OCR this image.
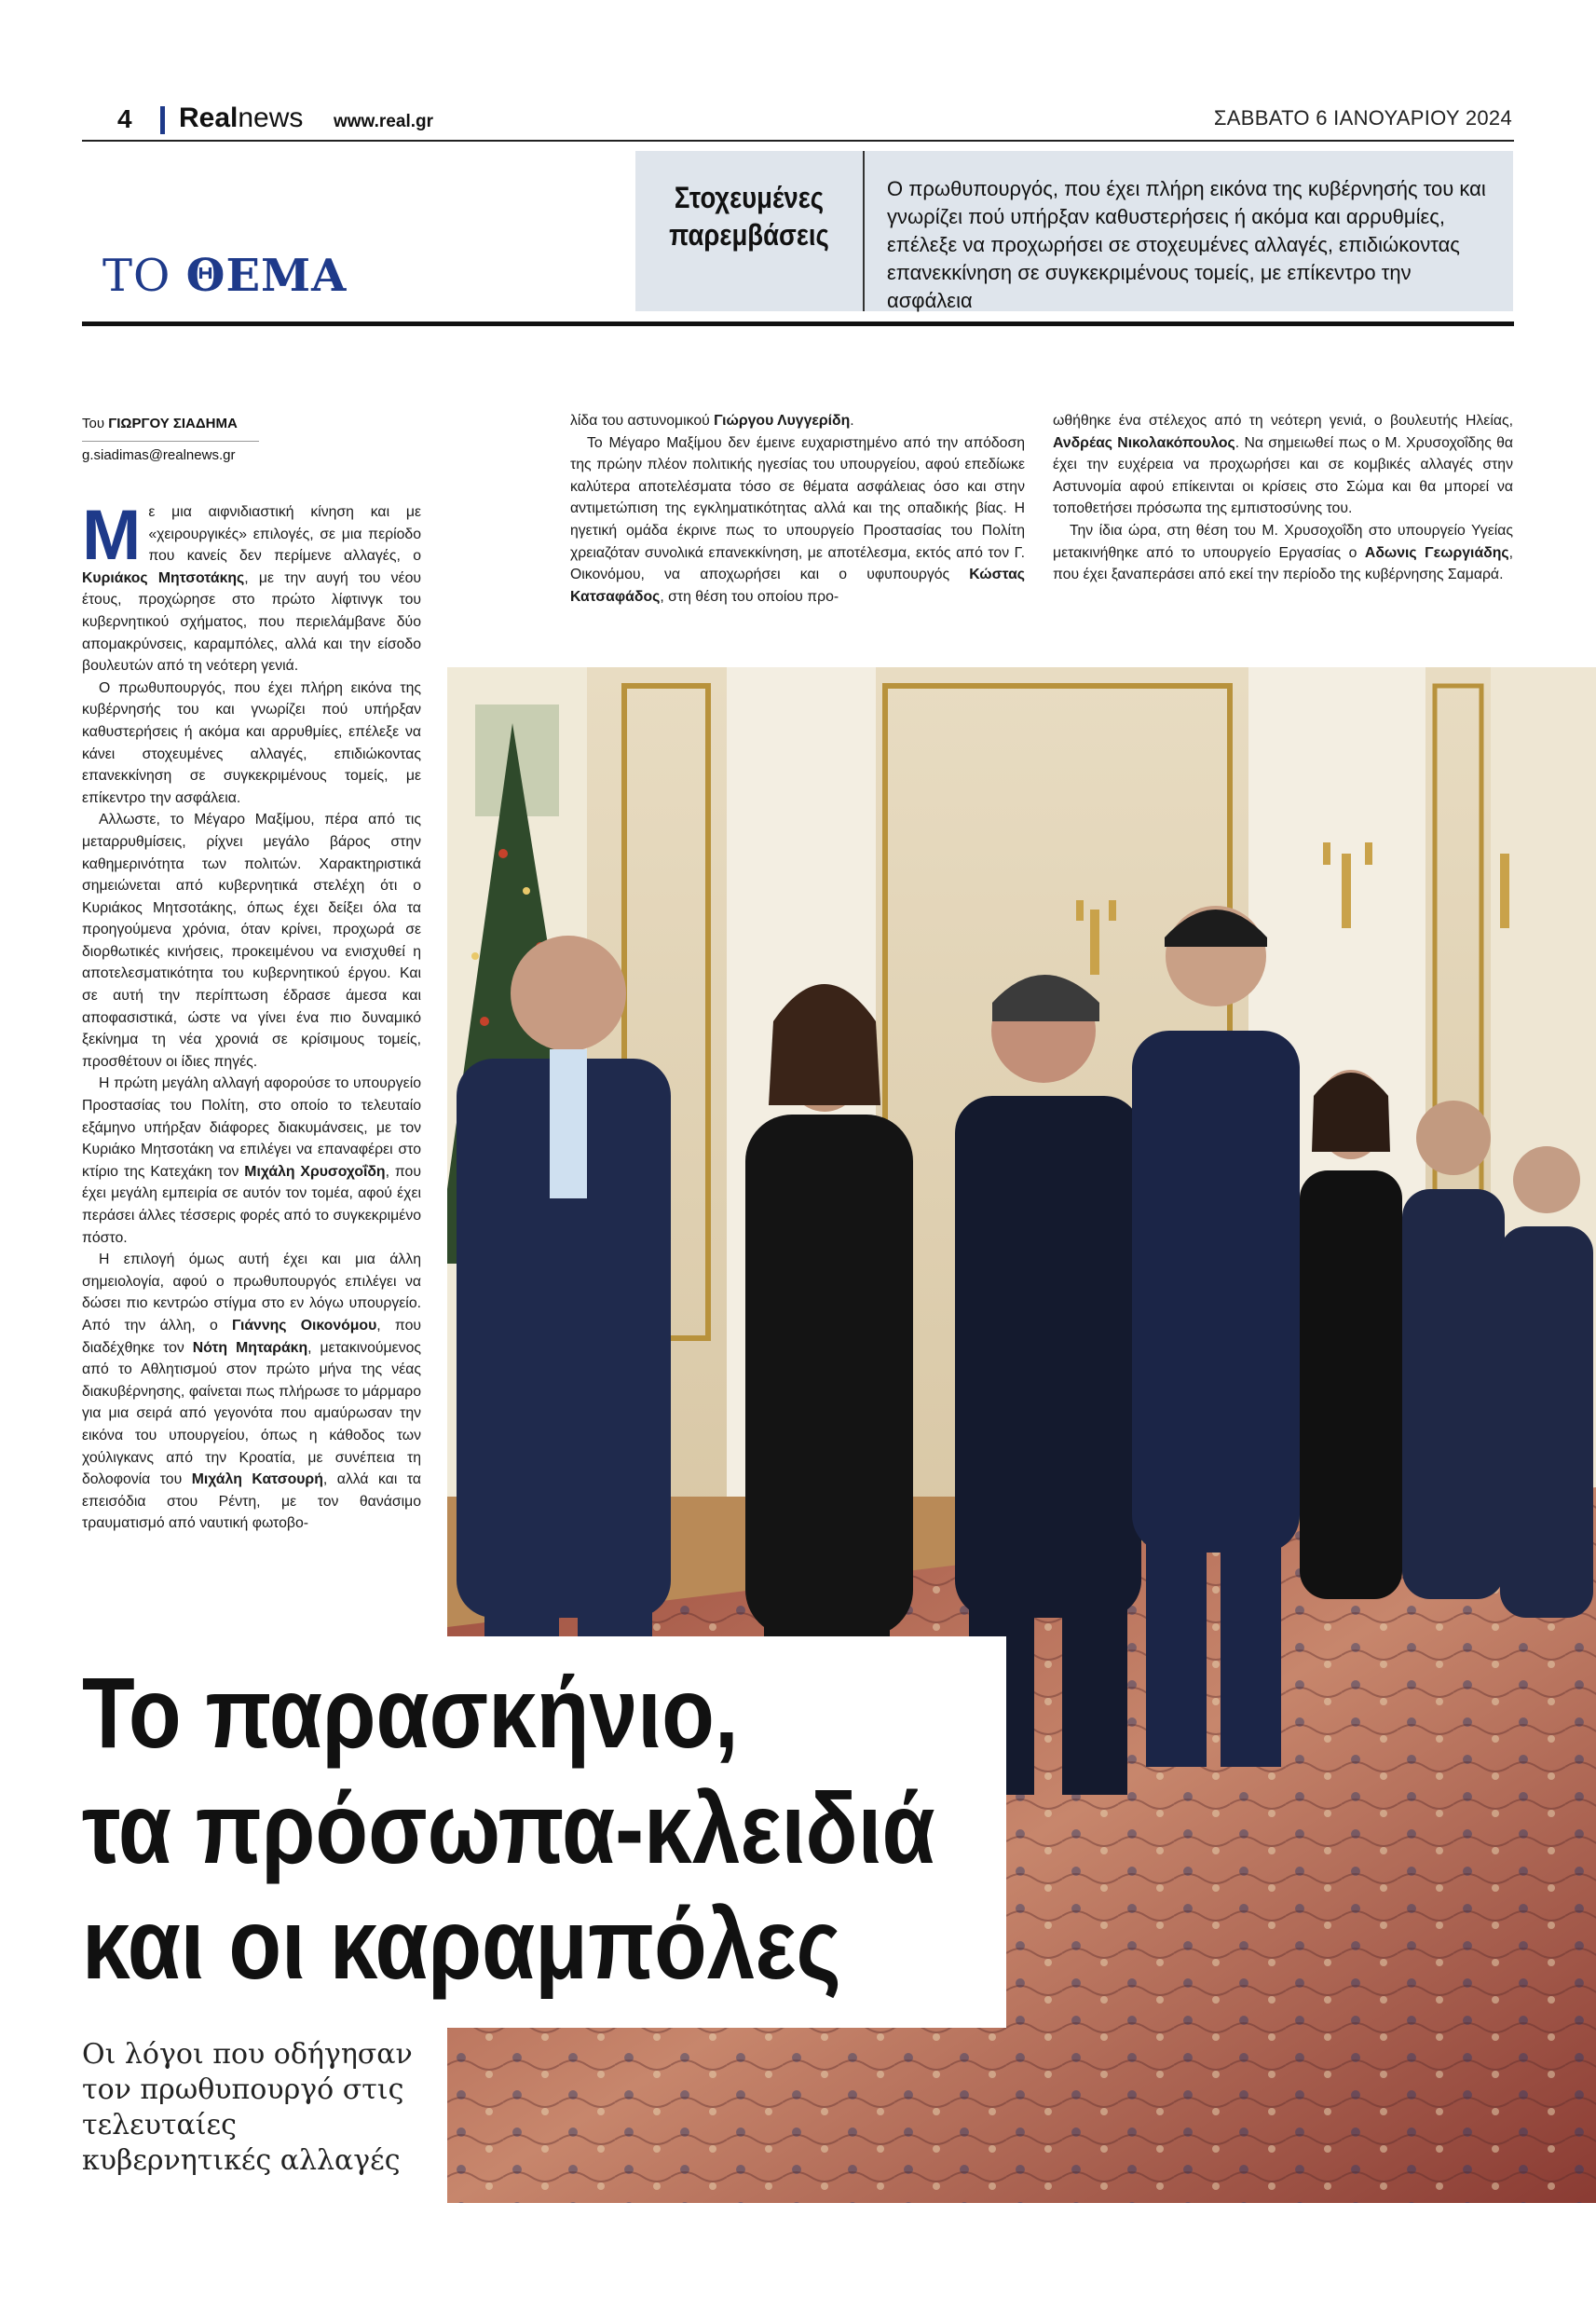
4 Realnews www.real.gr	ΣΑΒΒΑΤΟ 6 ΙΑΝΟΥΑΡΙΟΥ 2024
ΤΟ ΘΕΜΑ
Στοχευμένες
παρεμβάσεις
Ο πρωθυπουργός, που έχει πλήρη εικόνα της κυβέρνησής του και γνωρίζει πού υπήρξαν καθυστερήσεις ή ακόμα και αρρυθμίες, επέλεξε να προχωρήσει σε στοχευμένες αλλαγές, επιδιώκοντας επανεκκίνηση σε συγκεκριμένους τομείς, με επίκεντρο την ασφάλεια
Του ΓΙΩΡΓΟΥ ΣΙΑΔΗΜΑ
g.siadimas@realnews.gr

Με μια αιφνιδιαστική κίνηση και με «χειρουργικές» επιλογές, σε μια περίοδο που κανείς δεν περίμενε αλλαγές, ο Κυριάκος Μητσοτάκης, με την αυγή του νέου έτους, προχώρησε στο πρώτο λίφτινγκ του κυβερνητικού σχήματος, που περιελάμβανε δύο απομακρύνσεις, καραμπόλες, αλλά και την είσοδο βουλευτών από τη νεότερη γενιά.

Ο πρωθυπουργός, που έχει πλήρη εικόνα της κυβέρνησής του και γνωρίζει πού υπήρξαν καθυστερήσεις ή ακόμα και αρρυθμίες, επέλεξε να κάνει στοχευμένες αλλαγές, επιδιώκοντας επανεκκίνηση σε συγκεκριμένους τομείς, με επίκεντρο την ασφάλεια.

Αλλωστε, το Μέγαρο Μαξίμου, πέρα από τις μεταρρυθμίσεις, ρίχνει μεγάλο βάρος στην καθημερινότητα των πολιτών. Χαρακτηριστικά σημειώνεται από κυβερνητικά στελέχη ότι ο Κυριάκος Μητσοτάκης, όπως έχει δείξει όλα τα προηγούμενα χρόνια, όταν κρίνει, προχωρά σε διορθωτικές κινήσεις, προκειμένου να ενισχυθεί η αποτελεσματικότητα του κυβερνητικού έργου. Και σε αυτή την περίπτωση έδρασε άμεσα και αποφασιστικά, ώστε να γίνει ένα πιο δυναμικό ξεκίνημα τη νέα χρονιά σε κρίσιμους τομείς, προσθέτουν οι ίδιες πηγές.

Η πρώτη μεγάλη αλλαγή αφορούσε το υπουργείο Προστασίας του Πολίτη, στο οποίο το τελευταίο εξάμηνο υπήρξαν διάφορες διακυμάνσεις, με τον Κυριάκο Μητσοτάκη να επιλέγει να επαναφέρει στο κτίριο της Κατεχάκη τον Μιχάλη Χρυσοχοΐδη, που έχει μεγάλη εμπειρία σε αυτόν τον τομέα, αφού έχει περάσει άλλες τέσσερις φορές από το συγκεκριμένο πόστο.

Η επιλογή όμως αυτή έχει και μια άλλη σημειολογία, αφού ο πρωθυπουργός επιλέγει να δώσει πιο κεντρώο στίγμα στο εν λόγω υπουργείο. Από την άλλη, ο Γιάννης Οικονόμου, που διαδέχθηκε τον Νότη Μηταράκη, μετακινούμενος από το Αθλητισμού στον πρώτο μήνα της νέας διακυβέρνησης, φαίνεται πως πλήρωσε το μάρμαρο για μια σειρά από γεγονότα που αμαύρωσαν την εικόνα του υπουργείου, όπως η κάθοδος των χούλιγκανς από την Κροατία, με συνέπεια τη δολοφονία του Μιχάλη Κατσουρή, αλλά και τα επεισόδια στου Ρέντη, με τον θανάσιμο τραυματισμό από ναυτική φωτοβο-

λίδα του αστυνομικού Γιώργου Λυγγερίδη.

Το Μέγαρο Μαξίμου δεν έμεινε ευχαριστημένο από την απόδοση της πρώην πλέον πολιτικής ηγεσίας του υπουργείου, αφού επεδίωκε καλύτερα αποτελέσματα τόσο σε θέματα ασφάλειας όσο και στην αντιμετώπιση της εγκληματικότητας αλλά και της οπαδικής βίας. Η ηγετική ομάδα έκρινε πως το υπουργείο Προστασίας του Πολίτη χρειαζόταν συνολικά επανεκκίνηση, με αποτέλεσμα, εκτός από τον Γ. Οικονόμου, να αποχωρήσει και ο υφυπουργός Κώστας Κατσαφάδος, στη θέση του οποίου προ-

ωθήθηκε ένα στέλεχος από τη νεότερη γενιά, ο βουλευτής Ηλείας, Ανδρέας Νικολακόπουλος. Να σημειωθεί πως ο Μ. Χρυσοχοΐδης θα έχει την ευχέρεια να προχωρήσει και σε κομβικές αλλαγές στην Αστυνομία αφού επίκεινται οι κρίσεις στο Σώμα και θα μπορεί να τοποθετήσει πρόσωπα της εμπιστοσύνης του.

Την ίδια ώρα, στη θέση του Μ. Χρυσοχοΐδη στο υπουργείο Υγείας μετακινήθηκε από το υπουργείο Εργασίας ο Αδωνις Γεωργιάδης, που έχει ξαναπεράσει από εκεί την περίοδο της κυβέρνησης Σαμαρά.

Το παρασκήνιο,
τα πρόσωπα-κλειδιά
και οι καραμπόλες
Οι λόγοι που οδήγησαν τον πρωθυπουργό στις τελευταίες κυβερνητικές αλλαγές
